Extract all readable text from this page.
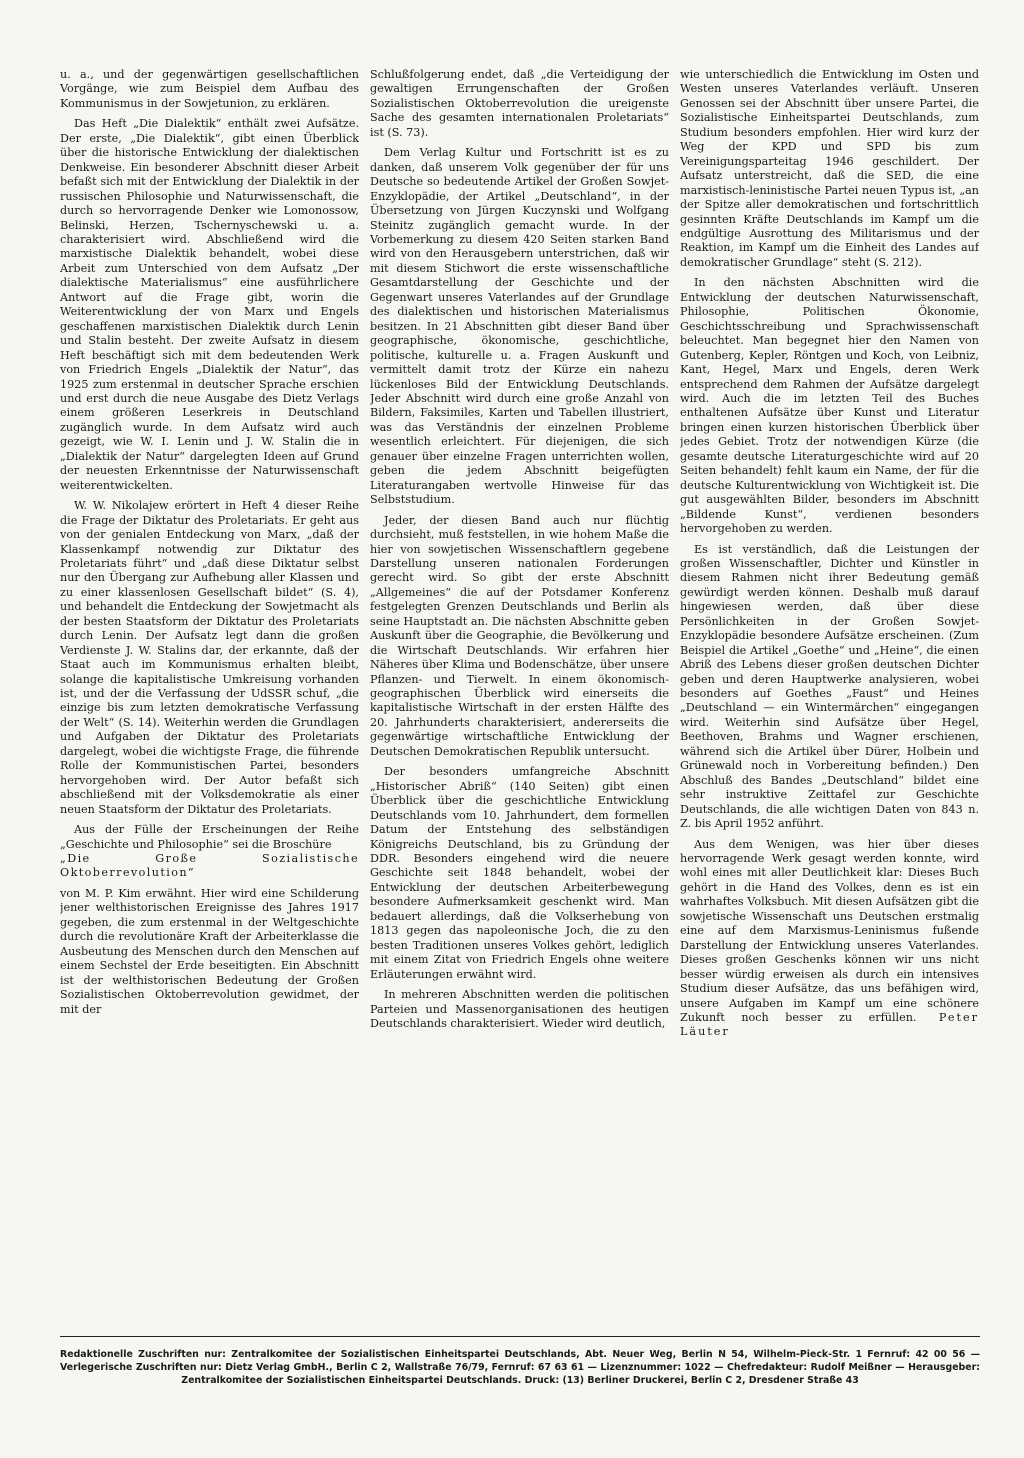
u. a., und der gegenwärtigen gesellschaftlichen Vorgänge, wie zum Beispiel dem Aufbau des Kommunismus in der Sowjetunion, zu erklären.

Das Heft „Die Dialektik“ enthält zwei Aufsätze. Der erste, „Die Dialektik“, gibt einen Überblick über die historische Entwicklung der dialektischen Denkweise. Ein besonderer Abschnitt dieser Arbeit befaßt sich mit der Entwicklung der Dialektik in der russischen Philosophie und Naturwissenschaft, die durch so hervorragende Denker wie Lomonossow, Belinski, Herzen, Tschernyschewski u. a. charakterisiert wird. Abschließend wird die marxistische Dialektik behandelt, wobei diese Arbeit zum Unterschied von dem Aufsatz „Der dialektische Materialismus“ eine ausführlichere Antwort auf die Frage gibt, worin die Weiterentwicklung der von Marx und Engels geschaffenen marxistischen Dialektik durch Lenin und Stalin besteht. Der zweite Aufsatz in diesem Heft beschäftigt sich mit dem bedeutenden Werk von Friedrich Engels „Dialektik der Natur“, das 1925 zum erstenmal in deutscher Sprache erschien und erst durch die neue Ausgabe des Dietz Verlags einem größeren Leserkreis in Deutschland zugänglich wurde. In dem Aufsatz wird auch gezeigt, wie W. I. Lenin und J. W. Stalin die in „Dialektik der Natur“ dargelegten Ideen auf Grund der neuesten Erkenntnisse der Naturwissenschaft weiterentwickelten.

W. W. Nikolajew erörtert in Heft 4 dieser Reihe die Frage der Diktatur des Proletariats. Er geht aus von der genialen Entdeckung von Marx, „daß der Klassenkampf notwendig zur Diktatur des Proletariats führt“ und „daß diese Diktatur selbst nur den Übergang zur Aufhebung aller Klassen und zu einer klassenlosen Gesellschaft bildet“ (S. 4), und behandelt die Entdeckung der Sowjetmacht als der besten Staatsform der Diktatur des Proletariats durch Lenin. Der Aufsatz legt dann die großen Verdienste J. W. Stalins dar, der erkannte, daß der Staat auch im Kommunismus erhalten bleibt, solange die kapitalistische Umkreisung vorhanden ist, und der die Verfassung der UdSSR schuf, „die einzige bis zum letzten demokratische Verfassung der Welt“ (S. 14). Weiterhin werden die Grundlagen und Aufgaben der Diktatur des Proletariats dargelegt, wobei die wichtigste Frage, die führende Rolle der Kommunistischen Partei, besonders hervorgehoben wird. Der Autor befaßt sich abschließend mit der Volksdemokratie als einer neuen Staatsform der Diktatur des Proletariats.

Aus der Fülle der Erscheinungen der Reihe „Geschichte und Philosophie“ sei die Broschüre

„Die Große Sozialistische Oktoberrevolution“

von M. P. Kim erwähnt. Hier wird eine Schilderung jener welthistorischen Ereignisse des Jahres 1917 gegeben, die zum erstenmal in der Weltgeschichte durch die revolutionäre Kraft der Arbeiterklasse die Ausbeutung des Menschen durch den Menschen auf einem Sechstel der Erde beseitigten. Ein Abschnitt ist der welthistorischen Bedeutung der Großen Sozialistischen Oktoberrevolution gewidmet, der mit der

Schlußfolgerung endet, daß „die Verteidigung der gewaltigen Errungenschaften der Großen Sozialistischen Oktoberrevolution die ureigenste Sache des gesamten internationalen Proletariats“ ist (S. 73).

Dem Verlag Kultur und Fortschritt ist es zu danken, daß unserem Volk gegenüber der für uns Deutsche so bedeutende Artikel der Großen Sowjet-Enzyklopädie, der Artikel „Deutschland“, in der Übersetzung von Jürgen Kuczynski und Wolfgang Steinitz zugänglich gemacht wurde. In der Vorbemerkung zu diesem 420 Seiten starken Band wird von den Herausgebern unterstrichen, daß wir mit diesem Stichwort die erste wissenschaftliche Gesamtdarstellung der Geschichte und der Gegenwart unseres Vaterlandes auf der Grundlage des dialektischen und historischen Materialismus besitzen. In 21 Abschnitten gibt dieser Band über geographische, ökonomische, geschichtliche, politische, kulturelle u. a. Fragen Auskunft und vermittelt damit trotz der Kürze ein nahezu lückenloses Bild der Entwicklung Deutschlands. Jeder Abschnitt wird durch eine große Anzahl von Bildern, Faksimiles, Karten und Tabellen illustriert, was das Verständnis der einzelnen Probleme wesentlich erleichtert. Für diejenigen, die sich genauer über einzelne Fragen unterrichten wollen, geben die jedem Abschnitt beigefügten Literaturangaben wertvolle Hinweise für das Selbststudium.

Jeder, der diesen Band auch nur flüchtig durchsieht, muß feststellen, in wie hohem Maße die hier von sowjetischen Wissenschaftlern gegebene Darstellung unseren nationalen Forderungen gerecht wird. So gibt der erste Abschnitt „Allgemeines“ die auf der Potsdamer Konferenz festgelegten Grenzen Deutschlands und Berlin als seine Hauptstadt an. Die nächsten Abschnitte geben Auskunft über die Geographie, die Bevölkerung und die Wirtschaft Deutschlands. Wir erfahren hier Näheres über Klima und Bodenschätze, über unsere Pflanzen- und Tierwelt. In einem ökonomisch-geographischen Überblick wird einerseits die kapitalistische Wirtschaft in der ersten Hälfte des 20. Jahrhunderts charakterisiert, andererseits die gegenwärtige wirtschaftliche Entwicklung der Deutschen Demokratischen Republik untersucht.

Der besonders umfangreiche Abschnitt „Historischer Abriß“ (140 Seiten) gibt einen Überblick über die geschichtliche Entwicklung Deutschlands vom 10. Jahrhundert, dem formellen Datum der Entstehung des selbständigen Königreichs Deutschland, bis zu Gründung der DDR. Besonders eingehend wird die neuere Geschichte seit 1848 behandelt, wobei der Entwicklung der deutschen Arbeiterbewegung besondere Aufmerksamkeit geschenkt wird. Man bedauert allerdings, daß die Volkserhebung von 1813 gegen das napoleonische Joch, die zu den besten Traditionen unseres Volkes gehört, lediglich mit einem Zitat von Friedrich Engels ohne weitere Erläuterungen erwähnt wird.

In mehreren Abschnitten werden die politischen Parteien und Massenorganisationen des heutigen Deutschlands charakterisiert. Wieder wird deutlich,

wie unterschiedlich die Entwicklung im Osten und Westen unseres Vaterlandes verläuft. Unseren Genossen sei der Abschnitt über unsere Partei, die Sozialistische Einheitspartei Deutschlands, zum Studium besonders empfohlen. Hier wird kurz der Weg der KPD und SPD bis zum Vereinigungsparteitag 1946 geschildert. Der Aufsatz unterstreicht, daß die SED, die eine marxistisch-leninistische Partei neuen Typus ist, „an der Spitze aller demokratischen und fortschrittlich gesinnten Kräfte Deutschlands im Kampf um die endgültige Ausrottung des Militarismus und der Reaktion, im Kampf um die Einheit des Landes auf demokratischer Grundlage“ steht (S. 212).

In den nächsten Abschnitten wird die Entwicklung der deutschen Naturwissenschaft, Philosophie, Politischen Ökonomie, Geschichtsschreibung und Sprachwissenschaft beleuchtet. Man begegnet hier den Namen von Gutenberg, Kepler, Röntgen und Koch, von Leibniz, Kant, Hegel, Marx und Engels, deren Werk entsprechend dem Rahmen der Aufsätze dargelegt wird. Auch die im letzten Teil des Buches enthaltenen Aufsätze über Kunst und Literatur bringen einen kurzen historischen Überblick über jedes Gebiet. Trotz der notwendigen Kürze (die gesamte deutsche Literaturgeschichte wird auf 20 Seiten behandelt) fehlt kaum ein Name, der für die deutsche Kulturentwicklung von Wichtigkeit ist. Die gut ausgewählten Bilder, besonders im Abschnitt „Bildende Kunst“, verdienen besonders hervorgehoben zu werden.

Es ist verständlich, daß die Leistungen der großen Wissenschaftler, Dichter und Künstler in diesem Rahmen nicht ihrer Bedeutung gemäß gewürdigt werden können. Deshalb muß darauf hingewiesen werden, daß über diese Persönlichkeiten in der Großen Sowjet-Enzyklopädie besondere Aufsätze erscheinen. (Zum Beispiel die Artikel „Goethe“ und „Heine“, die einen Abriß des Lebens dieser großen deutschen Dichter geben und deren Hauptwerke analysieren, wobei besonders auf Goethes „Faust“ und Heines „Deutschland — ein Wintermärchen“ eingegangen wird. Weiterhin sind Aufsätze über Hegel, Beethoven, Brahms und Wagner erschienen, während sich die Artikel über Dürer, Holbein und Grünewald noch in Vorbereitung befinden.) Den Abschluß des Bandes „Deutschland“ bildet eine sehr instruktive Zeittafel zur Geschichte Deutschlands, die alle wichtigen Daten von 843 n. Z. bis April 1952 anführt.

Aus dem Wenigen, was hier über dieses hervorragende Werk gesagt werden konnte, wird wohl eines mit aller Deutlichkeit klar: Dieses Buch gehört in die Hand des Volkes, denn es ist ein wahrhaftes Volksbuch. Mit diesen Aufsätzen gibt die sowjetische Wissenschaft uns Deutschen erstmalig eine auf dem Marxismus-Leninismus fußende Darstellung der Entwicklung unseres Vaterlandes. Dieses großen Geschenks können wir uns nicht besser würdig erweisen als durch ein intensives Studium dieser Aufsätze, das uns befähigen wird, unsere Aufgaben im Kampf um eine schönere Zukunft noch besser zu erfüllen.   Peter Läuter

Redaktionelle Zuschriften nur: Zentralkomitee der Sozialistischen Einheitspartei Deutschlands, Abt. Neuer Weg, Berlin N 54, Wilhelm-Pieck-Str. 1 Fernruf: 42 00 56 — Verlegerische Zuschriften nur: Dietz Verlag GmbH., Berlin C 2, Wallstraße 76/79, Fernruf: 67 63 61 — Lizenznummer: 1022 — Chefredakteur: Rudolf Meißner — Herausgeber: Zentralkomitee der Sozialistischen Einheitspartei Deutschlands. Druck: (13) Berliner Druckerei, Berlin C 2, Dresdener Straße 43
